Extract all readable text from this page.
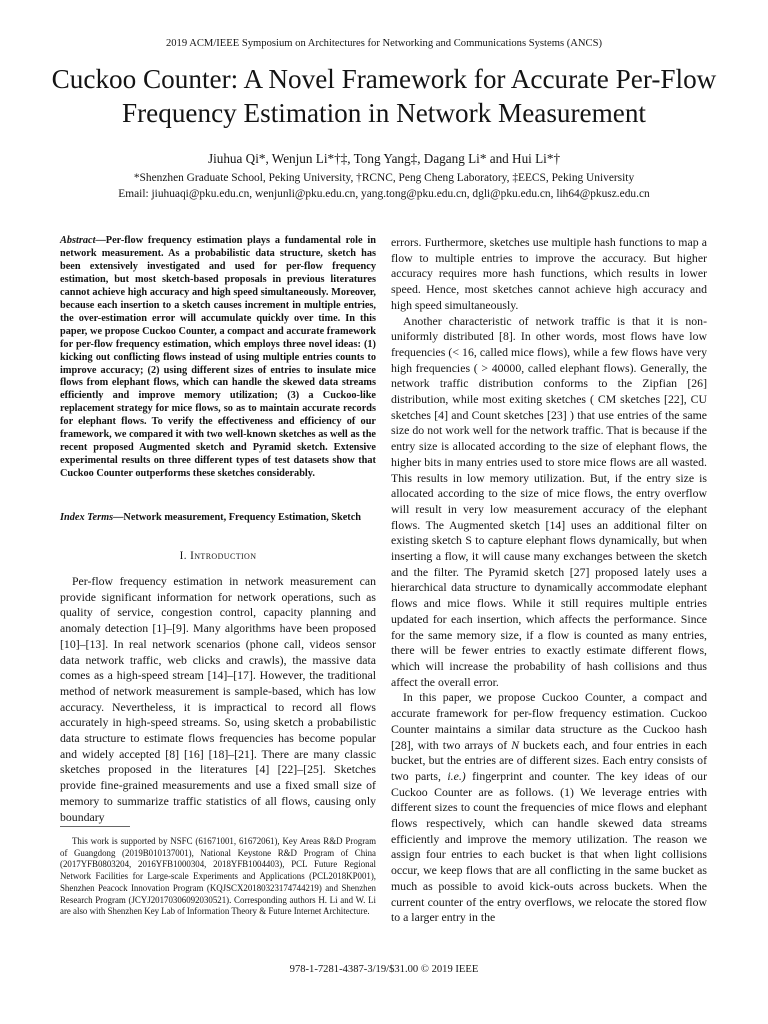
2019 ACM/IEEE Symposium on Architectures for Networking and Communications Systems (ANCS)
Cuckoo Counter: A Novel Framework for Accurate Per-Flow Frequency Estimation in Network Measurement
Jiuhua Qi*, Wenjun Li*†‡, Tong Yang‡, Dagang Li* and Hui Li*†
*Shenzhen Graduate School, Peking University, †RCNC, Peng Cheng Laboratory, ‡EECS, Peking University
Email: jiuhuaqi@pku.edu.cn, wenjunli@pku.edu.cn, yang.tong@pku.edu.cn, dgli@pku.edu.cn, lih64@pkusz.edu.cn
Abstract—Per-flow frequency estimation plays a fundamental role in network measurement. As a probabilistic data structure, sketch has been extensively investigated and used for per-flow frequency estimation, but most sketch-based proposals in previous literatures cannot achieve high accuracy and high speed simultaneously. Moreover, because each insertion to a sketch causes increment in multiple entries, the over-estimation error will accumulate quickly over time. In this paper, we propose Cuckoo Counter, a compact and accurate framework for per-flow frequency estimation, which employs three novel ideas: (1) kicking out conflicting flows instead of using multiple entries counts to improve accuracy; (2) using different sizes of entries to insulate mice flows from elephant flows, which can handle the skewed data streams efficiently and improve memory utilization; (3) a Cuckoo-like replacement strategy for mice flows, so as to maintain accurate records for elephant flows. To verify the effectiveness and efficiency of our framework, we compared it with two well-known sketches as well as the recent proposed Augmented sketch and Pyramid sketch. Extensive experimental results on three different types of test datasets show that Cuckoo Counter outperforms these sketches considerably.
Index Terms—Network measurement, Frequency Estimation, Sketch
I. Introduction

Per-flow frequency estimation in network measurement can provide significant information for network operations, such as quality of service, congestion control, capacity planning and anomaly detection [1]–[9]. Many algorithms have been proposed [10]–[13]. In real network scenarios (phone call, videos sensor data network traffic, web clicks and crawls), the massive data comes as a high-speed stream [14]–[17]. However, the traditional method of network measurement is sample-based, which has low accuracy. Nevertheless, it is impractical to record all flows accurately in high-speed streams. So, using sketch a probabilistic data structure to estimate flows frequencies has become popular and widely accepted [8] [16] [18]–[21]. There are many classic sketches proposed in the literatures [4] [22]–[25]. Sketches provide fine-grained measurements and use a fixed small size of memory to summarize traffic statistics of all flows, causing only boundary

This work is supported by NSFC (61671001, 61672061), Key Areas R&D Program of Guangdong (2019B010137001), National Keystone R&D Program of China (2017YFB0803204, 2016YFB1000304, 2018YFB1004403), PCL Future Regional Network Facilities for Large-scale Experiments and Applications (PCL2018KP001), Shenzhen Peacock Innovation Program (KQJSCX20180323174744219) and Shenzhen Research Program (JCYJ20170306092030521). Corresponding authors H. Li and W. Li are also with Shenzhen Key Lab of Information Theory & Future Internet Architecture.

errors. Furthermore, sketches use multiple hash functions to map a flow to multiple entries to improve the accuracy. But higher accuracy requires more hash functions, which results in lower speed. Hence, most sketches cannot achieve high accuracy and high speed simultaneously.

Another characteristic of network traffic is that it is non-uniformly distributed [8]. In other words, most flows have low frequencies (< 16, called mice flows), while a few flows have very high frequencies ( > 40000, called elephant flows). Generally, the network traffic distribution conforms to the Zipfian [26] distribution, while most exiting sketches ( CM sketches [22], CU sketches [4] and Count sketches [23] ) that use entries of the same size do not work well for the network traffic. That is because if the entry size is allocated according to the size of elephant flows, the higher bits in many entries used to store mice flows are all wasted. This results in low memory utilization. But, if the entry size is allocated according to the size of mice flows, the entry overflow will result in very low measurement accuracy of the elephant flows. The Augmented sketch [14] uses an additional filter on existing sketch S to capture elephant flows dynamically, but when inserting a flow, it will cause many exchanges between the sketch and the filter. The Pyramid sketch [27] proposed lately uses a hierarchical data structure to dynamically accommodate elephant flows and mice flows. While it still requires multiple entries updated for each insertion, which affects the performance. Since for the same memory size, if a flow is counted as many entries, there will be fewer entries to exactly estimate different flows, which will increase the probability of hash collisions and thus affect the overall error.

In this paper, we propose Cuckoo Counter, a compact and accurate framework for per-flow frequency estimation. Cuckoo Counter maintains a similar data structure as the Cuckoo hash [28], with two arrays of N buckets each, and four entries in each bucket, but the entries are of different sizes. Each entry consists of two parts, i.e.) fingerprint and counter. The key ideas of our Cuckoo Counter are as follows. (1) We leverage entries with different sizes to count the frequencies of mice flows and elephant flows respectively, which can handle skewed data streams efficiently and improve the memory utilization. The reason we assign four entries to each bucket is that when light collisions occur, we keep flows that are all conflicting in the same bucket as much as possible to avoid kick-outs across buckets. When the current counter of the entry overflows, we relocate the stored flow to a larger entry in the

978-1-7281-4387-3/19/$31.00 © 2019 IEEE
